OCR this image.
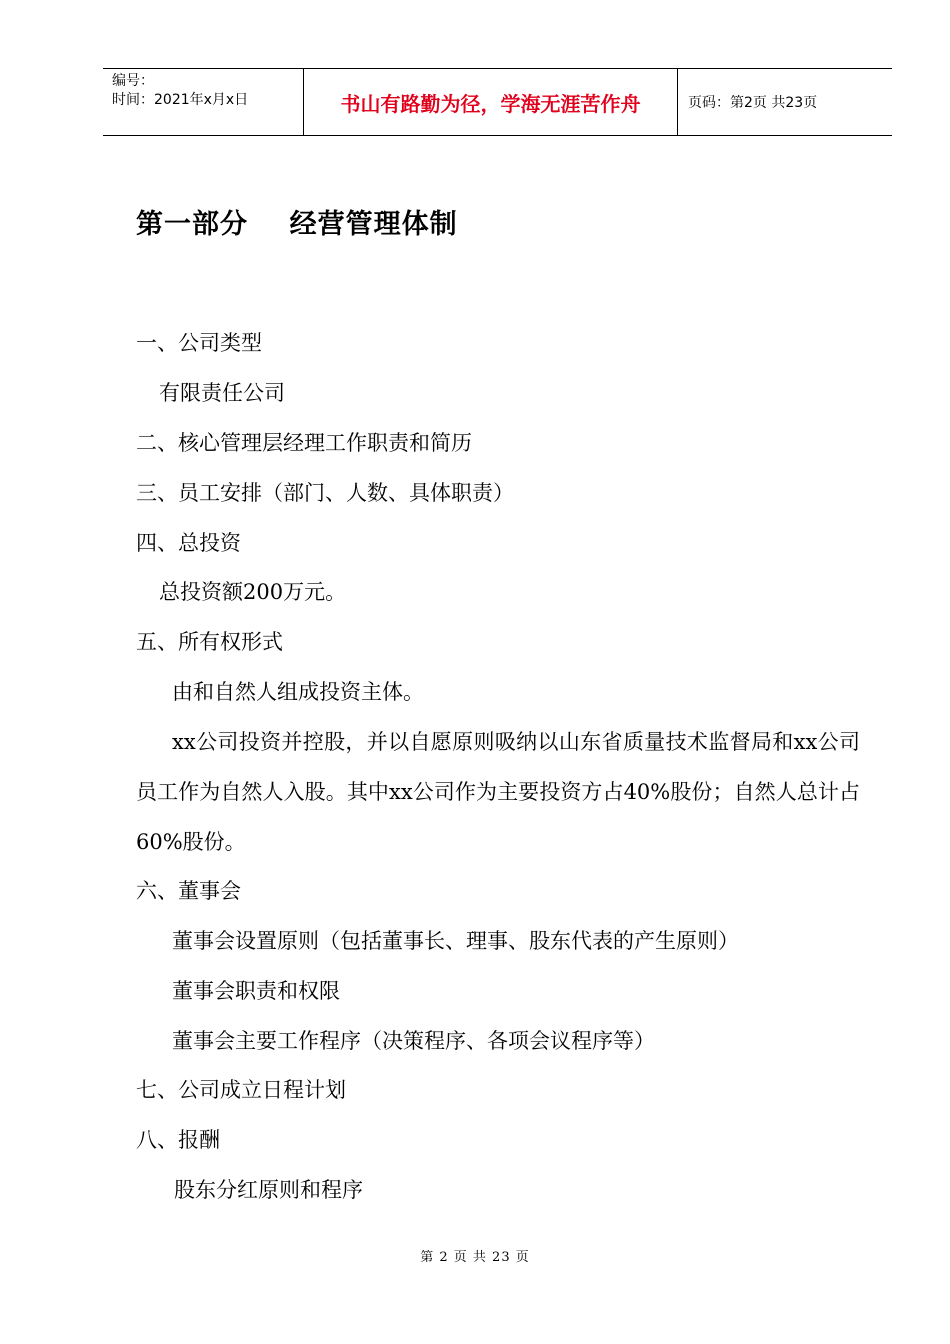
编号：
时间：2021年x月x日	书山有路勤为径，学海无涯苦作舟	页码：第2页 共23页
第一部分    经营管理体制
一、公司类型
有限责任公司
二、核心管理层经理工作职责和简历
三、员工安排（部门、人数、具体职责）
四、总投资
总投资额200万元。
五、所有权形式
由和自然人组成投资主体。

xx公司投资并控股，并以自愿原则吸纳以山东省质量技术监督局和xx公司员工作为自然人入股。其中xx公司作为主要投资方占40%股份；自然人总计占60%股份。

六、董事会
董事会设置原则（包括董事长、理事、股东代表的产生原则）
董事会职责和权限
董事会主要工作程序（决策程序、各项会议程序等）
七、公司成立日程计划
八、报酬
股东分红原则和程序
第 2 页 共 23 页
